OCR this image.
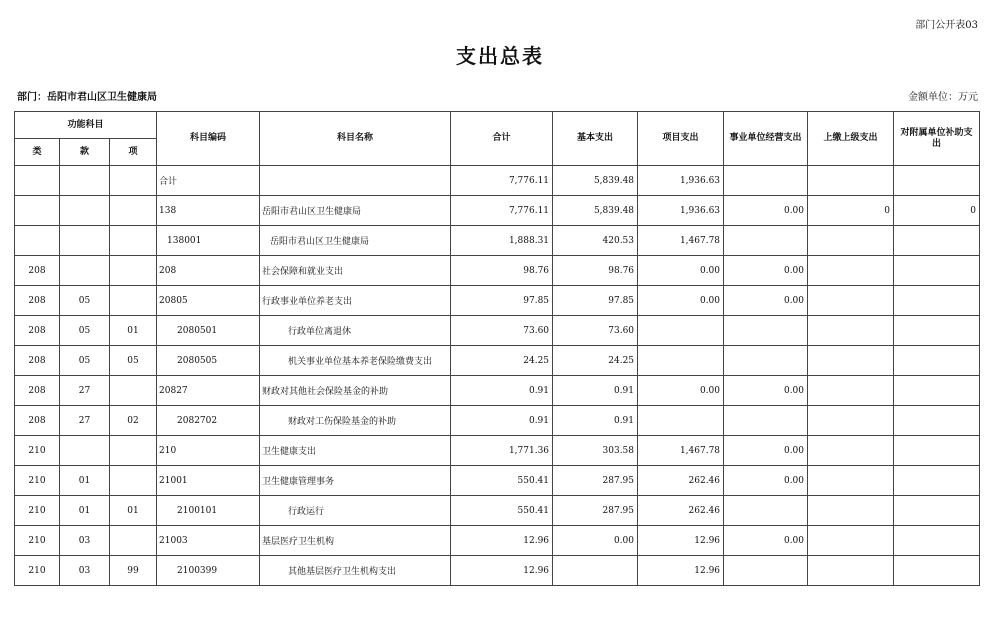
部门公开表03
支出总表
部门：岳阳市君山区卫生健康局	金额单位：万元
功能科目			科目编码	科目名称	合计	基本支出	项目支出	事业单位经营支出	上缴上级支出	对附属单位补助支出
类	款	项								
			合计		7,776.11	5,839.48	1,936.63			
			138	岳阳市君山区卫生健康局	7,776.11	5,839.48	1,936.63	0.00	0	0
			138001	岳阳市君山区卫生健康局	1,888.31	420.53	1,467.78			
208			208	社会保障和就业支出	98.76	98.76	0.00	0.00		
208	05		20805	行政事业单位养老支出	97.85	97.85	0.00	0.00		
208	05	01	2080501	行政单位离退休	73.60	73.60				
208	05	05	2080505	机关事业单位基本养老保险缴费支出	24.25	24.25				
208	27		20827	财政对其他社会保险基金的补助	0.91	0.91	0.00	0.00		
208	27	02	2082702	财政对工伤保险基金的补助	0.91	0.91				
210			210	卫生健康支出	1,771.36	303.58	1,467.78	0.00		
210	01		21001	卫生健康管理事务	550.41	287.95	262.46	0.00		
210	01	01	2100101	行政运行	550.41	287.95	262.46			
210	03		21003	基层医疗卫生机构	12.96	0.00	12.96	0.00		
210	03	99	2100399	其他基层医疗卫生机构支出	12.96		12.96			
